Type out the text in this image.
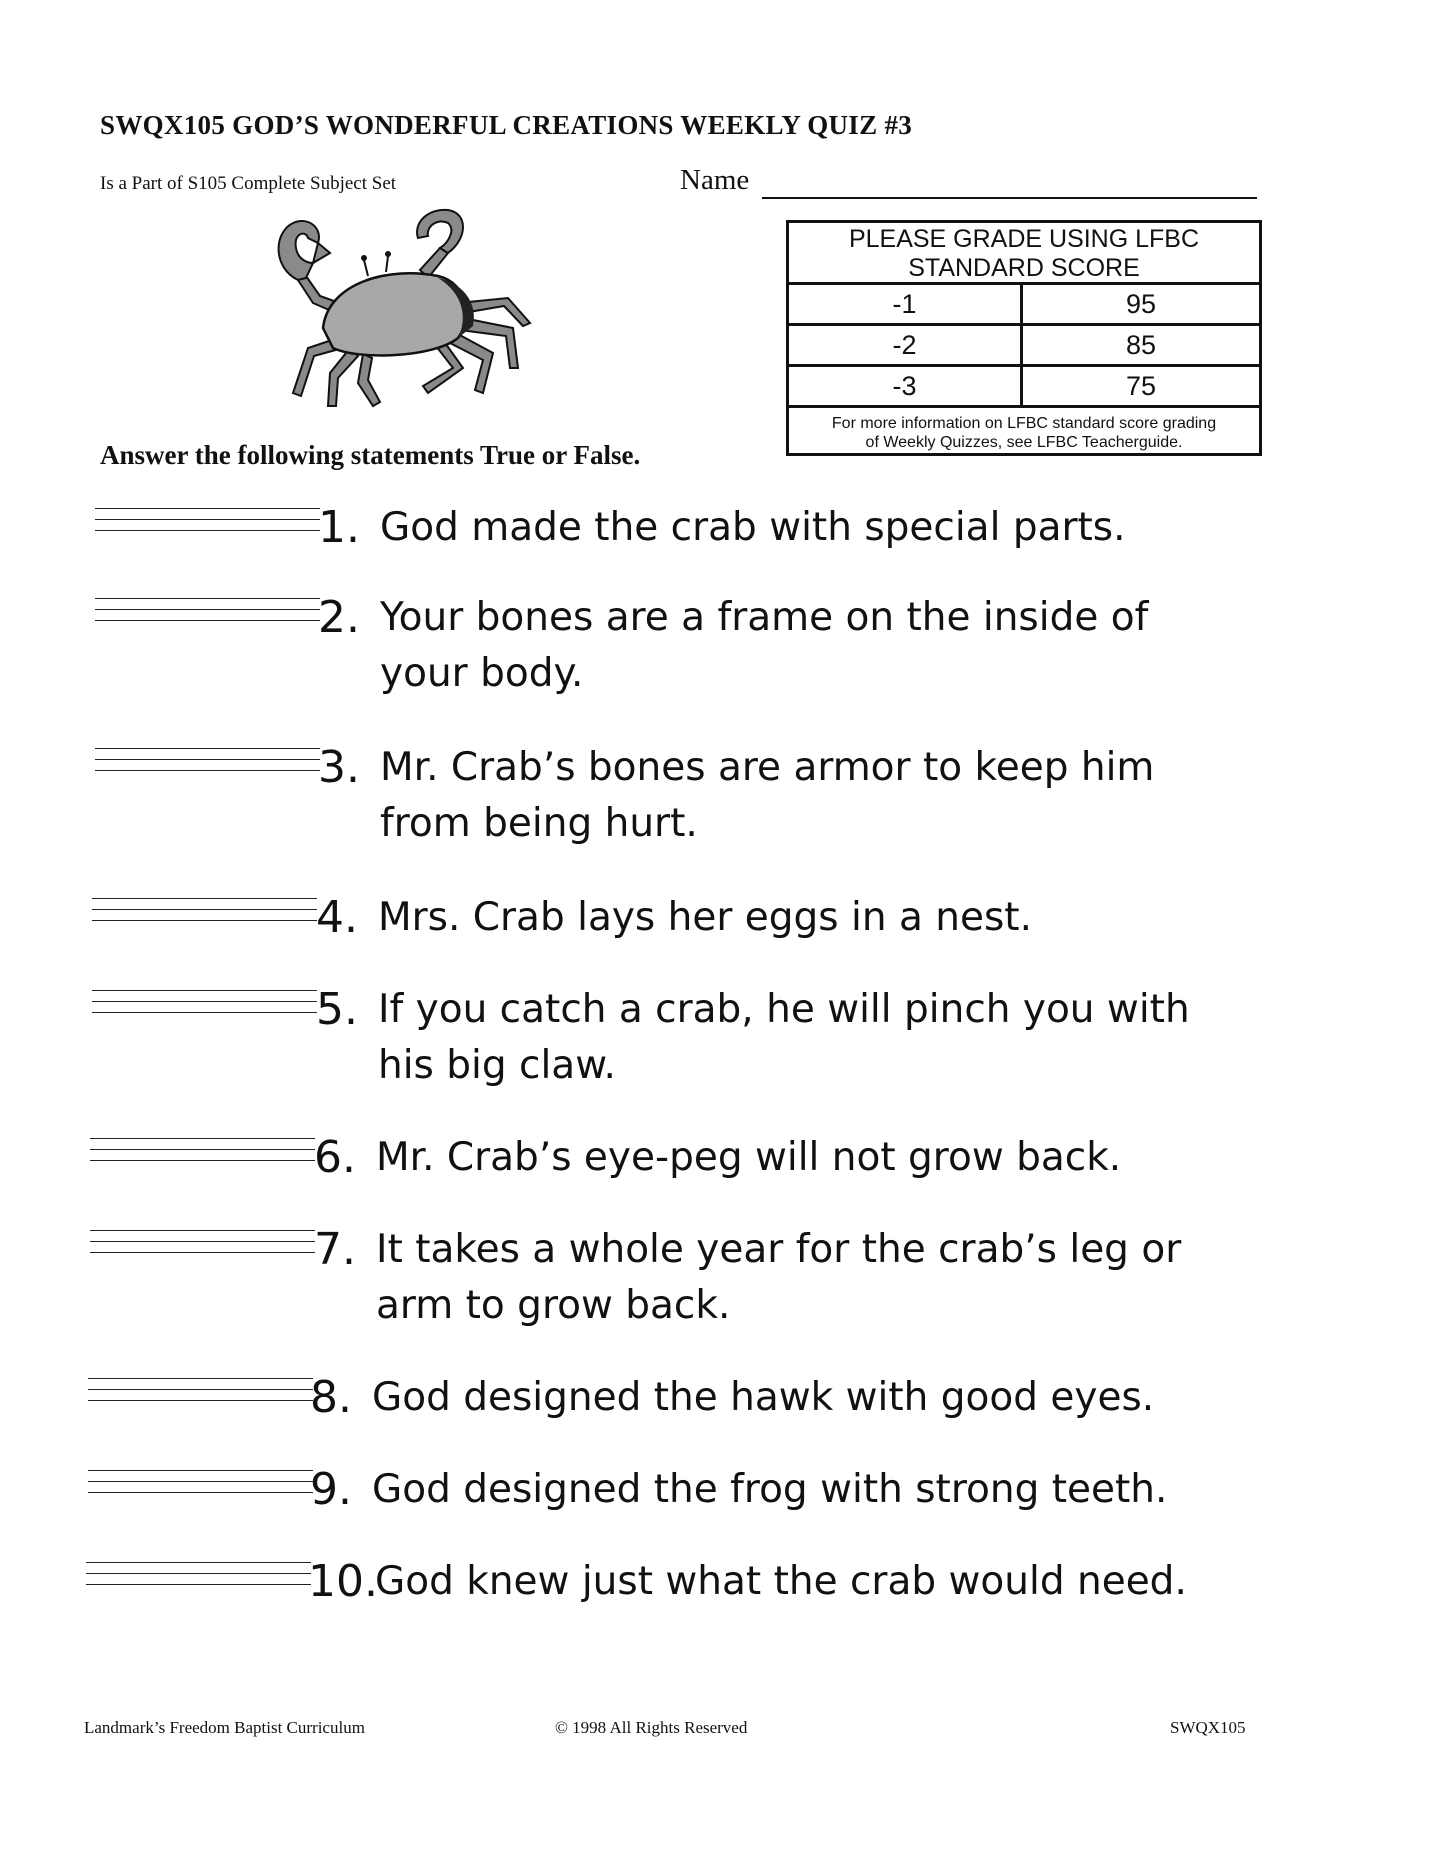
SWQX105 GOD’S WONDERFUL CREATIONS WEEKLY QUIZ #3
Is a Part of S105 Complete Subject Set	Name
PLEASE GRADE USING LFBC
STANDARD SCORE
-1	95
-2	85
-3	75
For more information on LFBC standard score grading
of Weekly Quizzes, see LFBC Teacherguide.
Answer the following statements True or False.
1. God made the crab with special parts.
2. Your bones are a frame on the inside of your body.
3. Mr. Crab’s bones are armor to keep him from being hurt.
4. Mrs. Crab lays her eggs in a nest.
5. If you catch a crab, he will pinch you with his big claw.
6. Mr. Crab’s eye-peg will not grow back.
7. It takes a whole year for the crab’s leg or arm to grow back.
8. God designed the hawk with good eyes.
9. God designed the frog with strong teeth.
10.
God knew just what the crab would need.
Landmark’s Freedom Baptist Curriculum	© 1998 All Rights Reserved	SWQX105
